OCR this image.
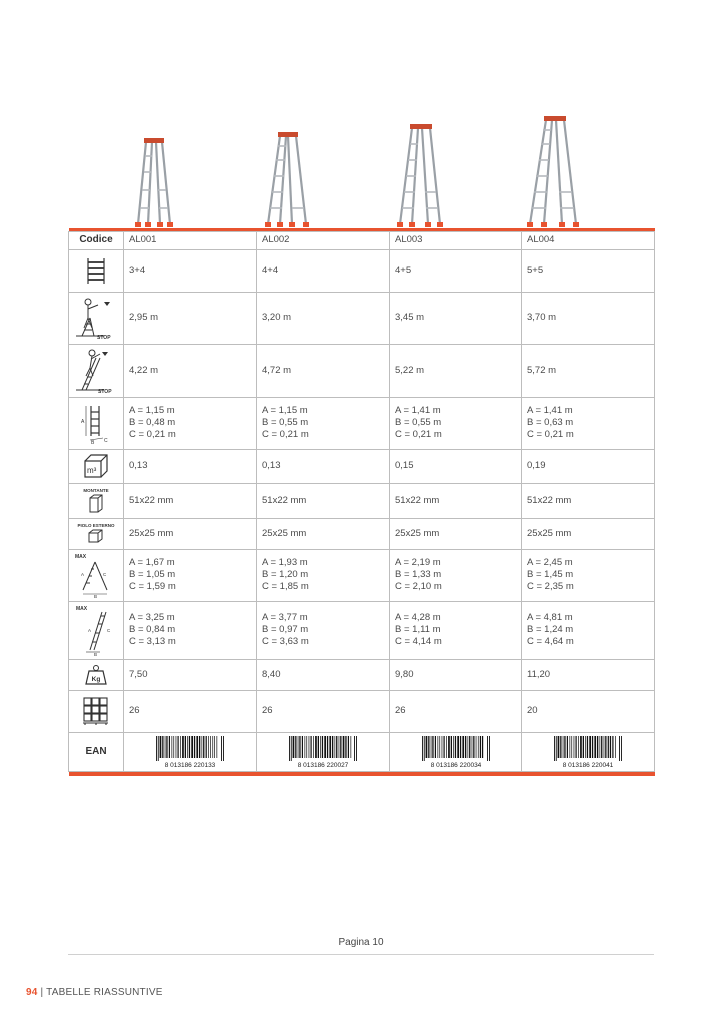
Codice	AL001	AL002	AL003	AL004

	3+4	4+4	4+5	5+5

STOP	2,95 m	3,20 m	3,45 m	3,70 m

STOP	4,22 m	4,72 m	5,22 m	5,72 m

A
B C	A = 1,15 m
B = 0,48 m
C = 0,21 m	A = 1,15 m
B = 0,55 m
C = 0,21 m	A = 1,41 m
B = 0,55 m
C = 0,21 m	A = 1,41 m
B = 0,63 m
C = 0,21 m

m³	0,13	0,13	0,15	0,19

MONTANTE	51x22 mm	51x22 mm	51x22 mm	51x22 mm

PIOLO ESTERNO	25x25 mm	25x25 mm	25x25 mm	25x25 mm

MAX
A C
B	A = 1,67 m
B = 1,05 m
C = 1,59 m	A = 1,93 m
B = 1,20 m
C = 1,85 m	A = 2,19 m
B = 1,33 m
C = 2,10 m	A = 2,45 m
B = 1,45 m
C = 2,35 m

MAX
A C
B	A = 3,25 m
B = 0,84 m
C = 3,13 m	A = 3,77 m
B = 0,97 m
C = 3,63 m	A = 4,28 m
B = 1,11 m
C = 4,14 m	A = 4,81 m
B = 1,24 m
C = 4,64 m

Kg	7,50	8,40	9,80	11,20

	26	26	26	20
EAN	8 013186 220133	8 013186 220027	8 013186 220034	8 013186 220041

Pagina 10
94 | TABELLE RIASSUNTIVE
